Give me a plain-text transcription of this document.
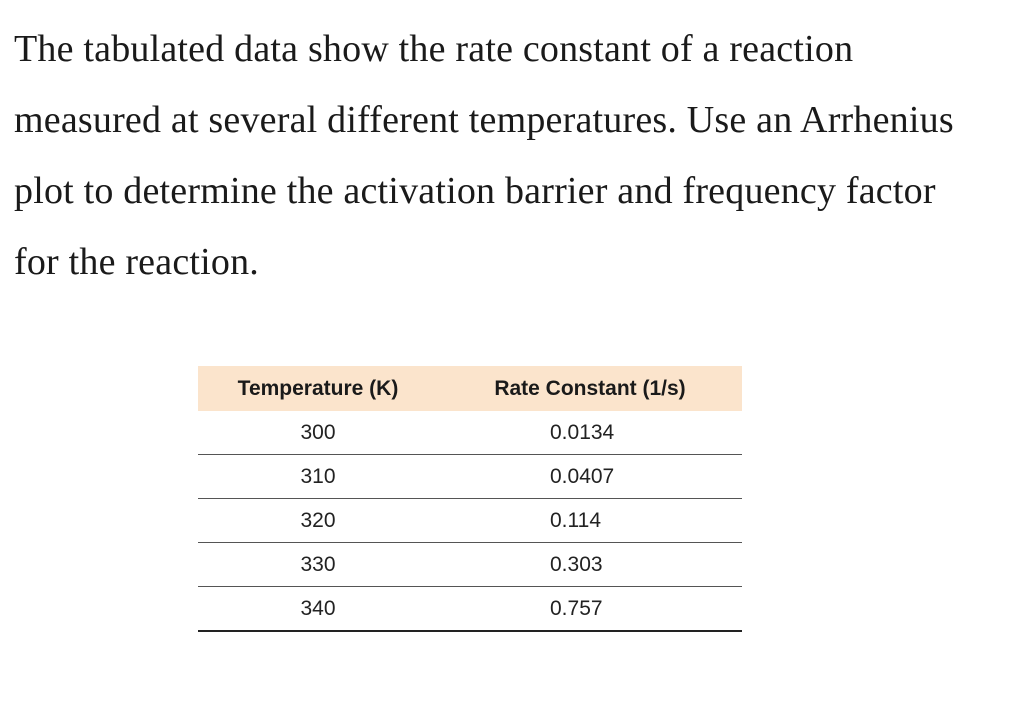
The tabulated data show the rate constant of a reaction
measured at several different temperatures. Use an Arrhenius
plot to determine the activation barrier and frequency factor
for the reaction.

Temperature (K)	Rate Constant (1/s)
300	0.0134
310	0.0407
320	0.114
330	0.303
340	0.757
